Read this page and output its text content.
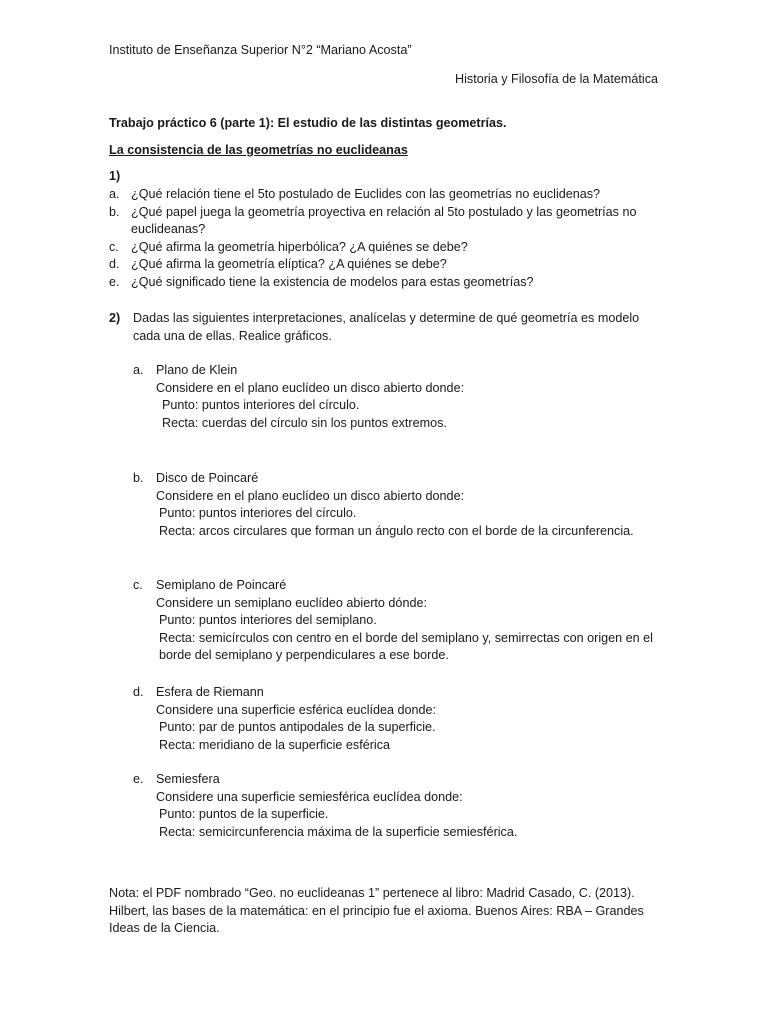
Instituto de Enseñanza Superior N°2 “Mariano Acosta”
Historia y Filosofía de la Matemática
Trabajo práctico 6 (parte 1): El estudio de las distintas geometrías.
La consistencia de las geometrías no euclideanas
1)
a. ¿Qué relación tiene el 5to postulado de Euclides con las geometrías no euclidenas?
b. ¿Qué papel juega la geometría proyectiva en relación al 5to postulado y las geometrías no euclideanas?
c. ¿Qué afirma la geometría hiperbólica? ¿A quiénes se debe?
d. ¿Qué afirma la geometría elíptica? ¿A quiénes se debe?
e. ¿Qué significado tiene la existencia de modelos para estas geometrías?
2) Dadas las siguientes interpretaciones, analícelas y determine de qué geometría es modelo cada una de ellas. Realice gráficos.
a. Plano de Klein
Considere en el plano euclídeo un disco abierto donde:
Punto: puntos interiores del círculo.
Recta: cuerdas del círculo sin los puntos extremos.
b. Disco de Poincaré
Considere en el plano euclídeo un disco abierto donde:
Punto: puntos interiores del círculo.
Recta: arcos circulares que forman un ángulo recto con el borde de la circunferencia.
c.	Semiplano de Poincaré
Considere un semiplano euclídeo abierto dónde:
Punto: puntos interiores del semiplano.
Recta: semicírculos con centro en el borde del semiplano y, semirrectas con origen en el borde del semiplano y perpendiculares a ese borde.
d. Esfera de Riemann
Considere una superficie esférica euclídea donde:
Punto: par de puntos antipodales de la superficie.
Recta: meridiano de la superficie esférica
e. Semiesfera
Considere una superficie semiesférica euclídea donde:
Punto: puntos de la superficie.
Recta: semicircunferencia máxima de la superficie semiesférica.
Nota: el PDF nombrado “Geo. no euclideanas 1” pertenece al libro: Madrid Casado, C. (2013). Hilbert, las bases de la matemática: en el principio fue el axioma. Buenos Aires: RBA – Grandes Ideas de la Ciencia.
